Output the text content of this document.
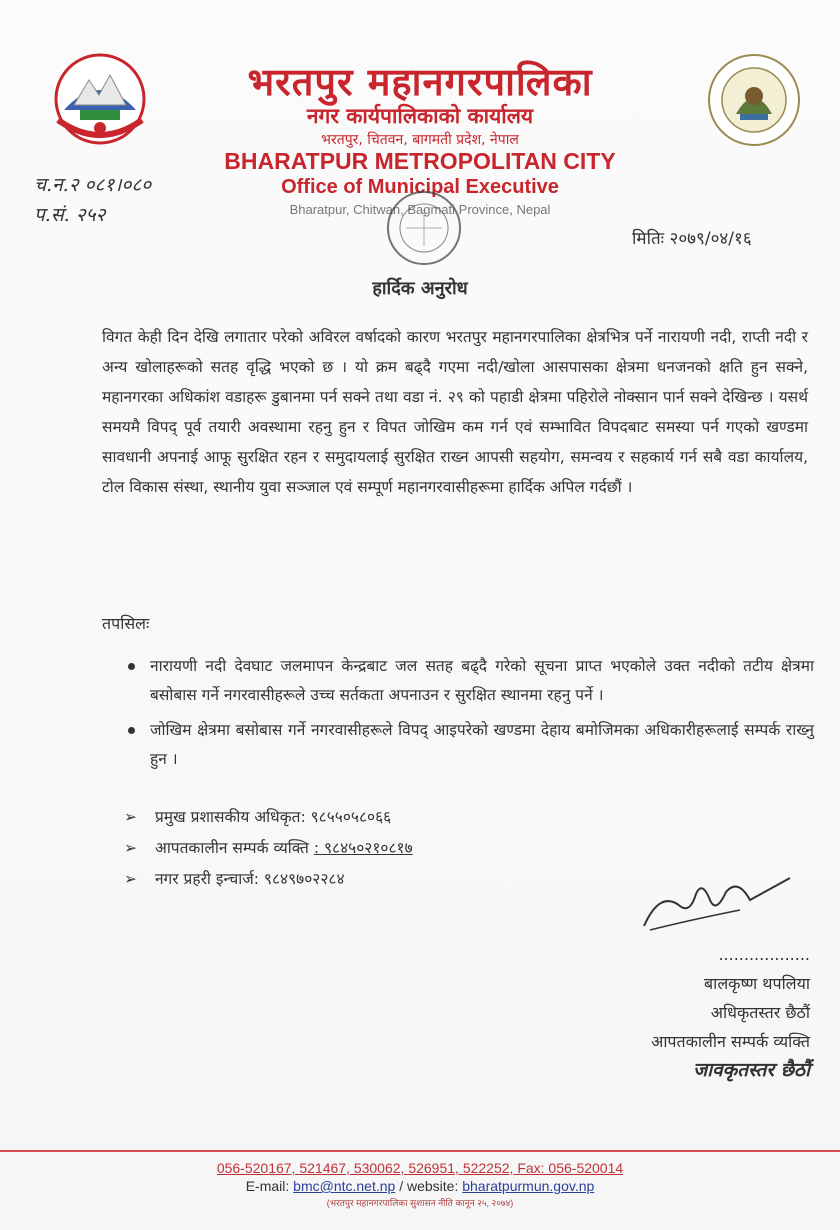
भरतपुर महानगरपालिका
नगर कार्यपालिकाको कार्यालय
भरतपुर, चितवन, बागमती प्रदेश, नेपाल
BHARATPUR METROPOLITAN CITY
Office of Municipal Executive
Bharatpur, Chitwan, Bagmati Province, Nepal
च.न.२ ०८१।०८०
प.सं. २५२
मितिः २०७९/०४/१६
हार्दिक अनुरोध
विगत केही दिन देखि लगातार परेको अविरल वर्षादको कारण भरतपुर महानगरपालिका क्षेत्रभित्र पर्ने नारायणी नदी, राप्ती नदी र अन्य खोलाहरूको सतह वृद्धि भएको छ । यो क्रम बढ्दै गएमा नदी/खोला आसपासका क्षेत्रमा धनजनको क्षति हुन सक्ने, महानगरका अधिकांश वडाहरू डुबानमा पर्न सक्ने तथा वडा नं. २९ को पहाडी क्षेत्रमा पहिरोले नोक्सान पार्न सक्ने देखिन्छ । यसर्थ समयमै विपद् पूर्व तयारी अवस्थामा रहनु हुन र विपत जोखिम कम गर्न एवं सम्भावित विपदबाट समस्या पर्न गएको खण्डमा सावधानी अपनाई आफू सुरक्षित रहन र समुदायलाई सुरक्षित राख्न आपसी सहयोग, समन्वय र सहकार्य गर्न सबै वडा कार्यालय, टोल विकास संस्था, स्थानीय युवा सञ्जाल एवं सम्पूर्ण महानगरवासीहरूमा हार्दिक अपिल गर्दछौं ।
तपसिलः
नारायणी नदी देवघाट जलमापन केन्द्रबाट जल सतह बढ्दै गरेको सूचना प्राप्त भएकोले उक्त नदीको तटीय क्षेत्रमा बसोबास गर्ने नगरवासीहरूले उच्च सर्तकता अपनाउन र सुरक्षित स्थानमा रहनु पर्ने ।
जोखिम क्षेत्रमा बसोबास गर्ने नगरवासीहरूले विपद् आइपरेको खण्डमा देहाय बमोजिमका अधिकारीहरूलाई सम्पर्क राख्नु हुन ।
➢ प्रमुख प्रशासकीय अधिकृत: ९८५५०५८०६६
➢ आपतकालीन सम्पर्क व्यक्ति : ९८४५०२१०८१७
➢ नगर प्रहरी इन्चार्ज: ९८४९७०२२८४
..................
बालकृष्ण थपलिया
अधिकृतस्तर छैठौं
आपतकालीन सम्पर्क व्यक्ति
जावकृतस्तर छैठौं
056-520167, 521467, 530062, 526951, 522252, Fax: 056-520014
E-mail: bmc@ntc.net.np / website: bharatpurmun.gov.np
(भरतपुर महानगरपालिका सुशासन नीति कानून २५, २०७४)
